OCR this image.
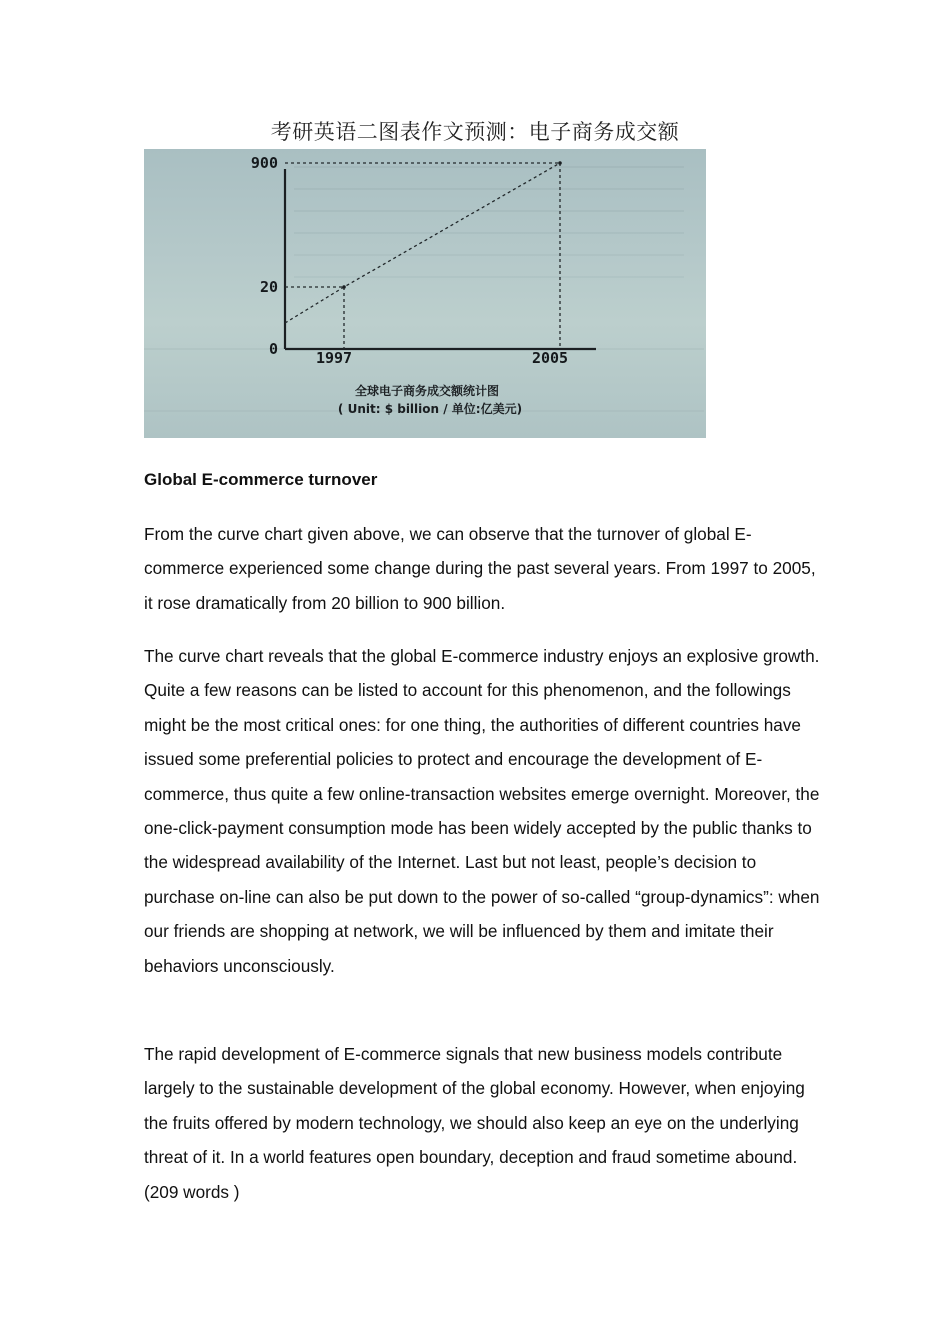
考研英语二图表作文预测：电子商务成交额
900
20
0	1997	2005
全球电子商务成交额统计图
( Unit: $ billion / 单位:亿美元)
Global E-commerce turnover

From the curve chart given above, we can observe that the turnover of global E-commerce experienced some change during the past several years. From 1997 to 2005, it rose dramatically from 20 billion to 900 billion.

The curve chart reveals that the global E-commerce industry enjoys an explosive growth. Quite a few reasons can be listed to account for this phenomenon, and the followings might be the most critical ones: for one thing, the authorities of different countries have issued some preferential policies to protect and encourage the development of E-commerce, thus quite a few online-transaction websites emerge overnight. Moreover, the one-click-payment consumption mode has been widely accepted by the public thanks to the widespread availability of the Internet. Last but not least, people’s decision to purchase on-line can also be put down to the power of so-called “group-dynamics”: when our friends are shopping at network, we will be influenced by them and imitate their behaviors unconsciously.

The rapid development of E-commerce signals that new business models contribute largely to the sustainable development of the global economy. However, when enjoying the fruits offered by modern technology, we should also keep an eye on the underlying threat of it. In a world features open boundary, deception and fraud sometime abound. (209 words )
